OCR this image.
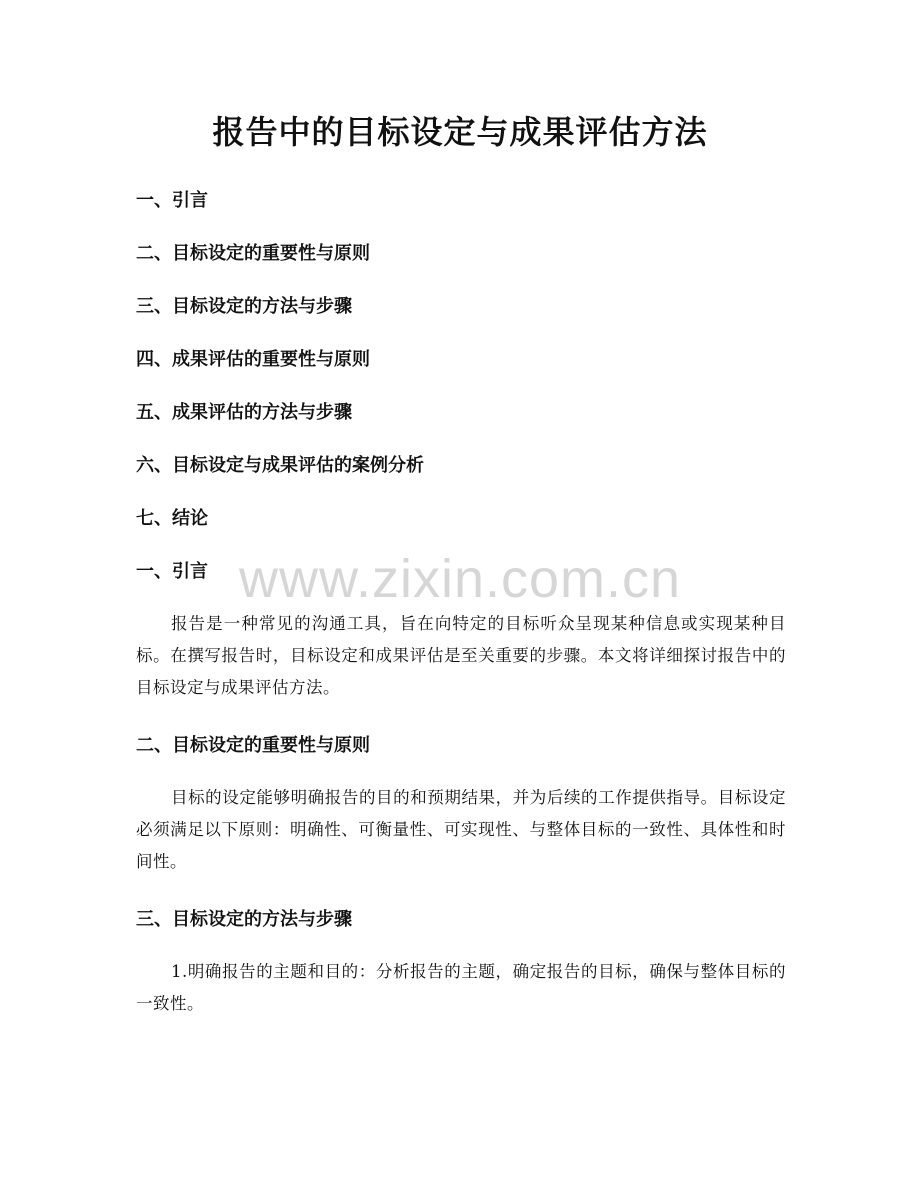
报告中的目标设定与成果评估方法
一、引言
二、目标设定的重要性与原则
三、目标设定的方法与步骤
四、成果评估的重要性与原则
五、成果评估的方法与步骤
六、目标设定与成果评估的案例分析
七、结论
一、引言
报告是一种常见的沟通工具，旨在向特定的目标听众呈现某种信息或实现某种目标。在撰写报告时，目标设定和成果评估是至关重要的步骤。本文将详细探讨报告中的目标设定与成果评估方法。
二、目标设定的重要性与原则
目标的设定能够明确报告的目的和预期结果，并为后续的工作提供指导。目标设定必须满足以下原则：明确性、可衡量性、可实现性、与整体目标的一致性、具体性和时间性。
三、目标设定的方法与步骤
1.明确报告的主题和目的：分析报告的主题，确定报告的目标，确保与整体目标的一致性。
www.zixin.com.cn
